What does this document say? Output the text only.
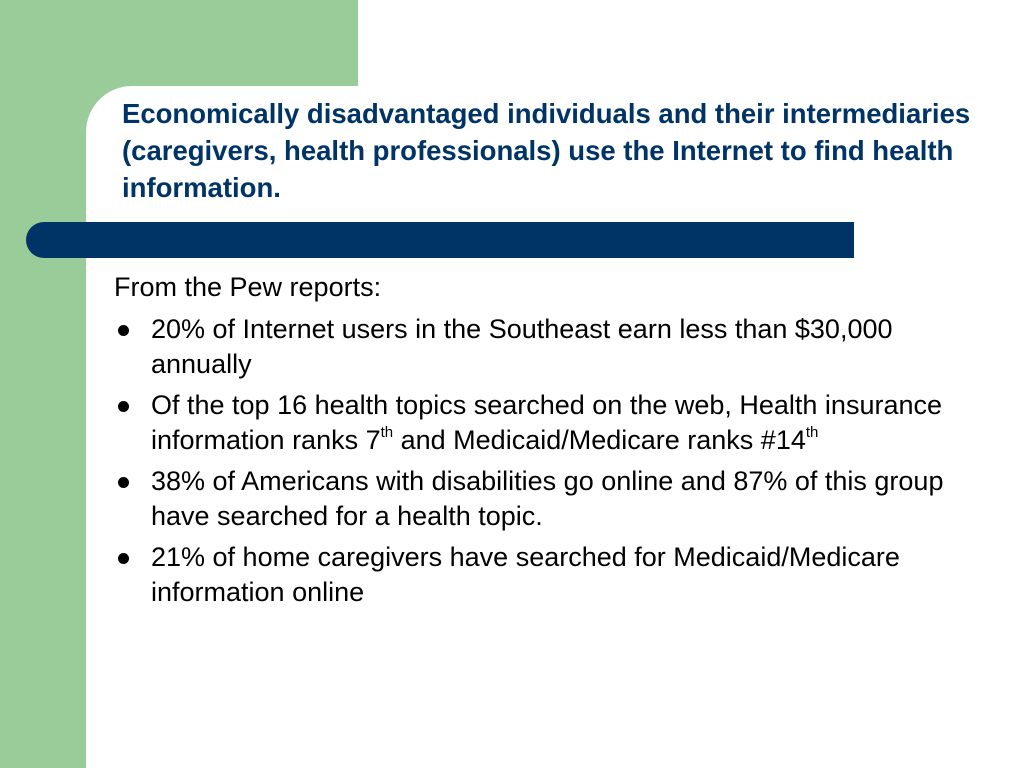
Economically disadvantaged individuals and their intermediaries (caregivers, health professionals) use the Internet to find health information.

From the Pew reports:

20% of Internet users in the Southeast earn less than $30,000 annually
Of the top 16 health topics searched on the web, Health insurance information ranks 7th and Medicaid/Medicare ranks #14th
38% of Americans with disabilities go online and 87% of this group have searched for a health topic.
21% of home caregivers have searched for Medicaid/Medicare information online
